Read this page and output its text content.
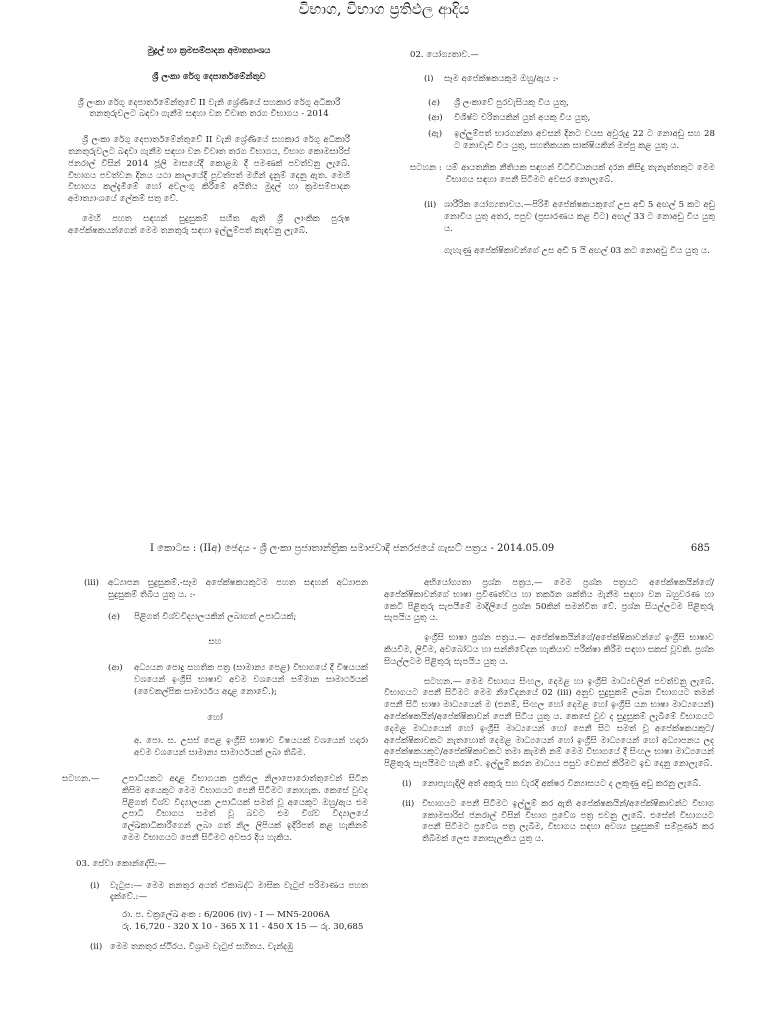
විභාග, විභාග ප්‍රතිඵල ආදිය
මුද්‍රල් හා ක්‍රමසම්පාදන අමාත්‍යාංශය
ශ්‍රී ලංකා රේගු දෙපාර්තමේන්තුව
ශ්‍රී ලංකා රේගු දෙපාර්තමේන්තුවේ II වැනි ශ්‍රේණියේ සහකාර රේගු අධිකාරී තනතුරුවලට බඳවා ගැනීම සඳහා වන විවෘත තරග විභාගය - 2014

ශ්‍රී ලංකා රේගු දෙපාර්තමේන්තුවේ II වැනි ශ්‍රේණියේ සහකාර රේගු අධිකාරී තනතුරුවලට බඳවා ගැනීම සඳහා වන විවෘත තරග විභාගය, විභාග කොමසාරිස් ජනරාල් විසින් 2014 ජූලි මාසයේදී කොළඹ දී පමණක් පවත්වනු ලැබේ. විභාගය පවත්වන දිනය යථා කාලයේදී පුවත්පත් මගින් දැනුම් දෙනු ඇත. මෙහි විභාගය කල්දැමීමේ හෝ අවලංගු කිරීමේ අයිතිය මුදල් හා ක්‍රමසම්පාදන අමාත්‍යාංශයේ ලේකම් සතු වේ.

මෙහි පහත සඳහන් සුදුසුකම් සහිත ඇති ශ්‍රී ලාංකික පුරුෂ අපේක්ෂකයන්ගෙන් මෙම තනතුරු සඳහා ඉල්ලුම්පත් කැඳවනු ලැබේ.

02. යෝග්‍යතාව.—
(i)	සෑම අපේක්ෂකයකුම ඔහු/ඇය :-
(අ)	ශ්‍රී ලංකාවේ පුරවැසියකු විය යුතු,
(ආ)	විශිෂ්ට චරිතයකින් යුත් අයකු විය යුතු,
(ඇ)	ඉල්ලුම්පත් භාරගන්නා අවසන් දිනට වයස අවුරුදු 22 ට නොඅඩු සහ 28 ට නොවැඩි විය යුතු, සහතිකයක සාක්ෂියකින් ඔප්පු කළ යුතු ය.
සටහන : යම් ආයතනික නීතියක සඳහන් විධිවිධානයක් දරන කිසිදු තැනැත්තකුට මෙම විභාගය සඳහා පෙනී සිටීමට අවසර නොලැබේ.
(ii) ශාරීරික යෝග්‍යතාවය.—පිරිමි අපේක්ෂකයකුගේ උස අඩි 5 අඟල් 5 කට අඩු නොවිය යුතු අතර, පපුව (ප්‍රසාරණය කළ විට) අඟල් 33 ට නොඅඩු විය යුතු ය.
ගැහැණු අපේක්ෂිකාවන්ගේ උස අඩි 5 යි අඟල් 03 කට නොඅඩු විය යුතු ය.
I කොටස : (IIඅ) ඡෙදය - ශ්‍රී ලංකා ප්‍රජාතාන්ත්‍රික සමාජවාදී ජනරජයේ ගැසට් පත්‍රය - 2014.05.09	685
(iii)	අධ්‍යාපන සුදුසුකම්.-සෑම අපේක්ෂකයකුටම පහත සඳහන් අධ්‍යාපන සුදුසුකම් තිබිය යුතු ය. :-
(අ)	පිළිගත් විශ්වවිද්‍යාලයකින් ලබාගත් උපාධියක්;
සහ
(ආ)	අධ්‍යයන පොදු සහතික පත්‍ර (සාමාන්‍ය පෙළ) විභාගයේ දී විෂයයක් වශයෙන් ඉංග්‍රීසි භාෂාව අවම වශයෙන් සම්මාන සාමාර්ථයක් (වෛකල්පික සාමාර්ථය අදාළ නොවේ.);
හෝ
අ. පො. ස. උසස් පෙළ ඉංග්‍රීසි භාෂාව විෂයයක් වශයෙන් හදාරා අවම වශයෙන් සාමාන්‍ය සාමාර්ථයක් ලබා තිබීම.
සටහන.—	උපාධියකට අදාළ විභාගයක ප්‍රතිඵල නිලාපොරොත්තුවෙන් සිටින කිසිම අයෙකුට මෙම විභාගයට පෙනී සිටීමට නොහැක. කෙසේ වුවද පිළිගත් විශ්ව විද්‍යාලයක උපාධියක් සමත් වූ අයෙකුට ඔහු/ඇය එම උපාධි විභාගය සමත් වූ බවට එම විශ්ව විද්‍යාලයේ ලේඛකාධිකාරීගෙන් ලබා ගත් නිල ලිපියක් ඉදිරිපත් කළ හැකිනම් මෙම විභාගයට පෙනී සිටීමට අවසර දිය හැකිය.
03. සේවා කොන්දේසි:—
(i)	වැටුප:— මෙම තනතුර අයත් ඒකාබද්ධ මාසික වැටුප් පරිමාණය පහත දැක්වේ.:—
රා. ප. චක්‍රලේඛ අංක : 6/2006 (iv) - I — MN5-2006A
රු. 16,720 - 320 X 10 - 365 X 11 - 450 X 15 — රු. 30,685
(ii) මෙම තනතුර ස්ථිරය. විශ්‍රාම වැටුප් සහිතය. වැන්දඹු

අභියෝග්‍යතා ප්‍රශ්න පත්‍රය.— මෙම ප්‍රශ්න පත්‍රයට අපේක්ෂකයින්ගේ/අපේක්ෂිකාවන්ගේ භාෂා ප්‍රවීණත්වය හා තර්කන ශක්තිය මැනීම සඳහා වන බහුවරණ හා කෙටි පිළිතුරු සැපයීමේ මාදිලියේ ප්‍රශ්න 50කින් සමන්විත වේ. ප්‍රශ්න සියල්ලටම පිළිතුරු සැපයිය යුතු ය.

ඉංග්‍රීසි භාෂා ප්‍රශ්න පත්‍රය.— අපේක්ෂකයින්ගේ/අපේක්ෂිකාවන්ගේ ඉංග්‍රීසි භාෂාව කියවීම, ලිවීම, අවබෝධය හා සන්නිවේදන හැකියාව පරීක්ෂා කිරීම සඳහා සකස් වූවකි. ප්‍රශ්න සියල්ලටම පිළිතුරු සැපයිය යුතු ය.

සටහන.— මෙම විභාගය සිංහල, දෙමළ හා ඉංග්‍රීසි මාධ්‍යවලින් පවත්වනු ලැබේ. විභාගයට පෙනී සිටීමට මෙම නිවේදනයේ 02 (iii) අනුව සුදුසුකම් ලබන විභාගයට තමන් පෙනී සිටි භාෂා මාධ්‍යයෙන් ම (එනම්, සිංහල හෝ දෙමළ හෝ ඉංග්‍රීසි යන භාෂා මාධ්‍යයෙන්) අපේක්ෂකයින්/අපේක්ෂිකාවන් පෙනී සිටිය යුතු ය. කෙසේ වුව ද සුදුසුකම් ලැබීමේ විභාගයට දෙමළ මාධ්‍යයෙන් හෝ ඉංග්‍රීසි මාධ්‍යයෙන් හෝ පෙනී සිට සමත් වූ අපේක්ෂකයකුට/අපේක්ෂිකාවකට නැතහොත් දෙමළ මාධ්‍යයෙන් හෝ ඉංග්‍රීසි මාධ්‍යයෙන් හෝ අධ්‍යාපනය ලද අපේක්ෂකයකුට/අපේක්ෂිකාවකට තමා කැමති නම් මෙම විභාගයේ දී සිංහල භාෂා මාධ්‍යයෙන් පිළිතුරු සැපයීමට හැකි වේ. ඉල්ලුම් කරන මාධ්‍යය පසුව වෙනස් කිරීමට ඉඩ දෙනු නොලැබේ.

(i)	නොපැහැදිලි අත් අකුරු සහ වැරදි අක්ෂර වින්‍යාසයට ද ලකුණු අඩු කරනු ලැබේ.
(ii) විභාගයට පෙනී සිටීමට ඉල්ලුම් කර ඇති අපේක්ෂකයින්/අපේක්ෂිකාවන්ට විභාග කොමසාරිස් ජනරාල් විසින් විභාග ප්‍රවේශ පත්‍ර එවනු ලැබේ. එසේත් විභාගයට පෙනී සිටීමට ප්‍රවේශ පත්‍ර ලැබීම, විභාගය සඳහා අවශ්‍ය සුදුසුකම් සම්පූර්ණ කර තිබීමක් ලෙස නොසැලකිය යුතු ය.
